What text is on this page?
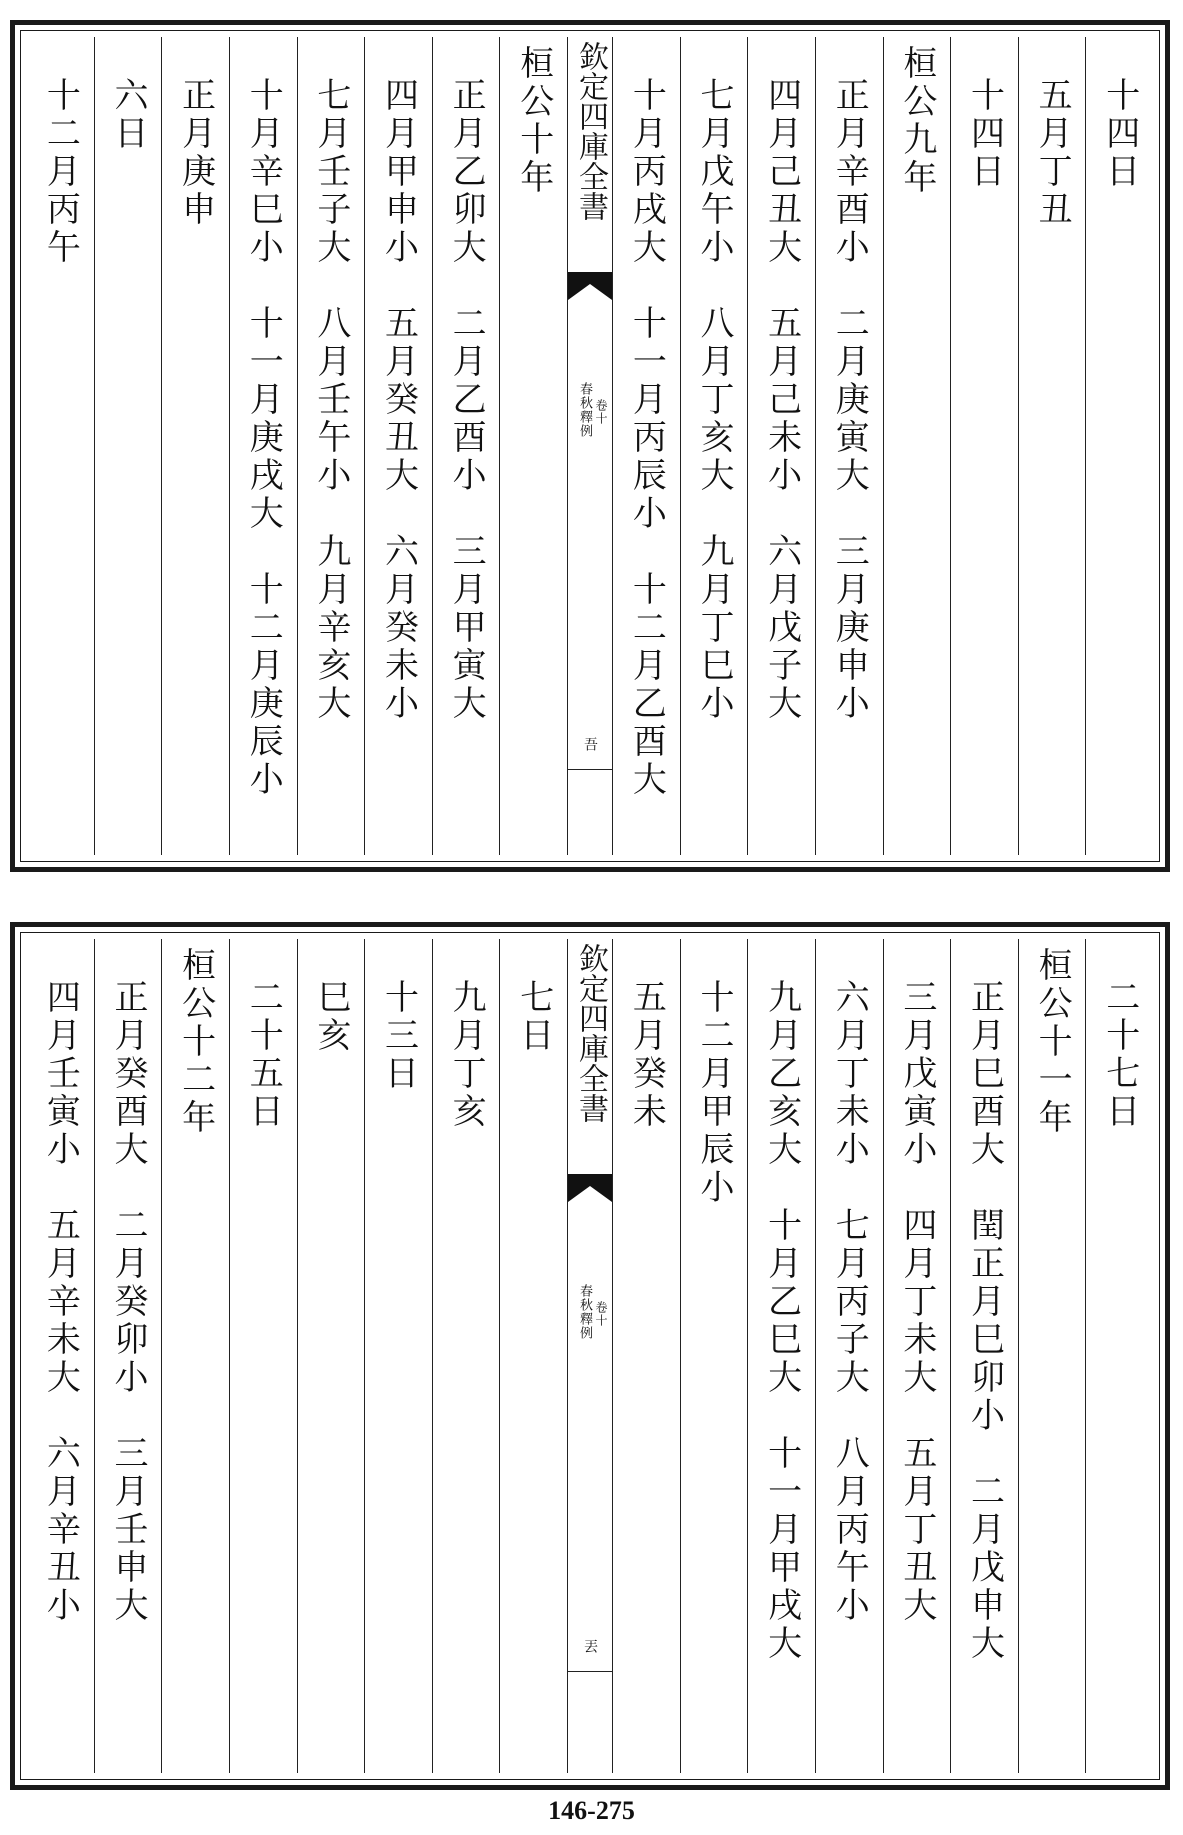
十二月丙午 六日 正月庚申 十月辛巳小　十一月庚戌大　十二月庚辰小 七月壬子大　八月壬午小　九月辛亥大 四月甲申小　五月癸丑大　六月癸未小 正月乙卯大　二月乙酉小　三月甲寅大 桓公十年 欽定四庫全書
春秋釋例 卷十
吾 十月丙戌大　十一月丙辰小　十二月乙酉大 七月戊午小　八月丁亥大　九月丁巳小 四月己丑大　五月己未小　六月戊子大 正月辛酉小　二月庚寅大　三月庚申小 桓公九年 十四日 五月丁丑 十四日
四月壬寅小　五月辛未大　六月辛丑小 正月癸酉大　二月癸卯小　三月壬申大 桓公十二年 二十五日 巳亥 十三日 九月丁亥 七日 欽定四庫全書
春秋釋例 卷十
丟
五月癸未 十二月甲辰小 九月乙亥大　十月乙巳大　十一月甲戌大 六月丁未小　七月丙子大　八月丙午小 三月戊寅小　四月丁未大　五月丁丑大 正月巳酉大　閏正月巳卯小　二月戊申大 桓公十一年 二十七日
146-275
